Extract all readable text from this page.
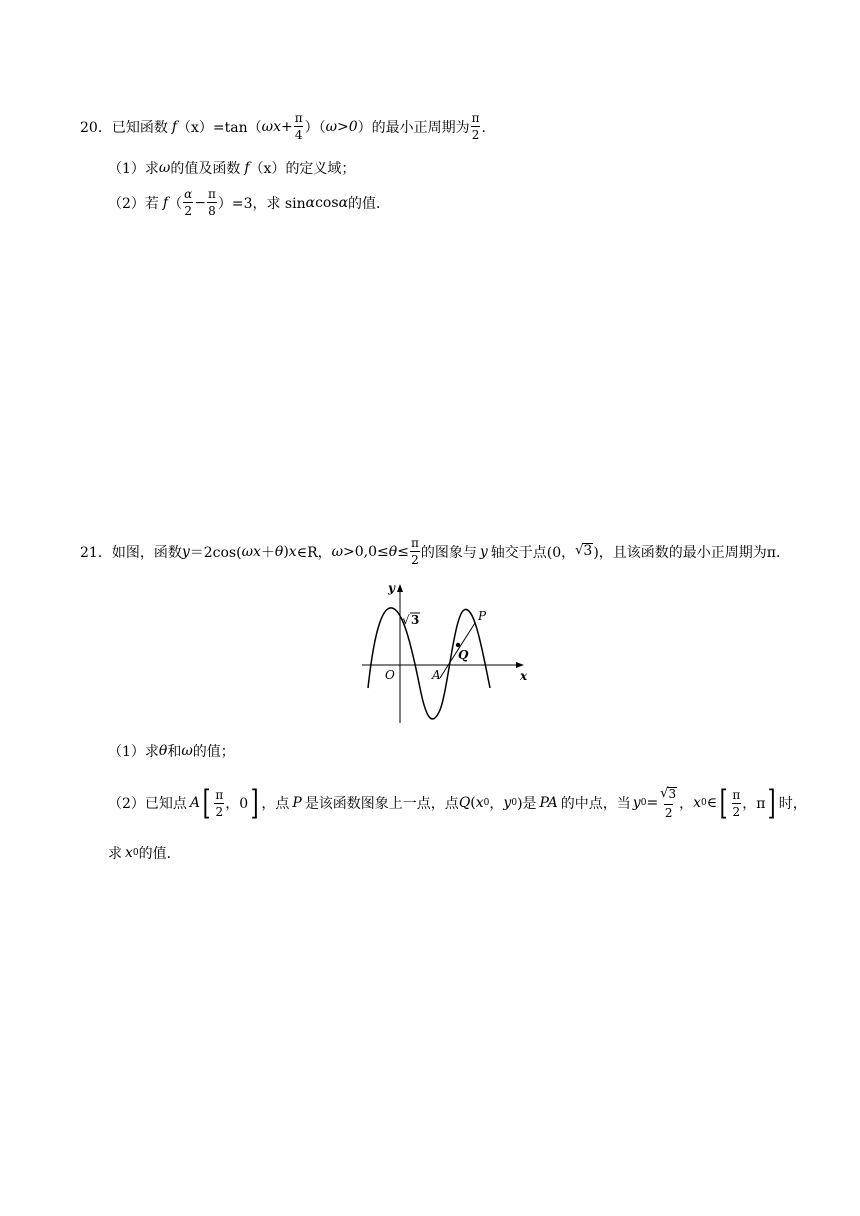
20． 已知函数 f （x） =tan（ $\omega x+ \frac{\pi}{4}$ ）（ ω>0 ）的最小正周期为 $\frac{\pi}{2}$ ．
（1） 求 ω 的值及函数 f （x） 的定义域；
（2） 若 f （ $\frac{\alpha}{2} - \frac{\pi}{8} )=3$，求 sin α cos α 的值．
21． 如图，函数 y ＝2cos( ωx ＋ θ ) x ∈R， $\omega >0,0\le \theta \le \frac{\pi}{2}$ 的图象与 y 轴交于点(0， √ 3 )，且该函数的最小正周期为π．
y
x
O
√ 3
A
P
Q
（1） 求 θ 和 ω 的值；
（2） 已知点 A [ $\frac{\pi}{2}$ ，0 ] ，点 P 是该函数图象上一点，点 Q ( x 0 ， y 0 )是 PA 的中点，当 y $0 = \frac{√ 3}{2}$ ， x 0 ∈ [ $\frac{\pi}{2}$ ，π ] 时，
求 x 0 的值．
